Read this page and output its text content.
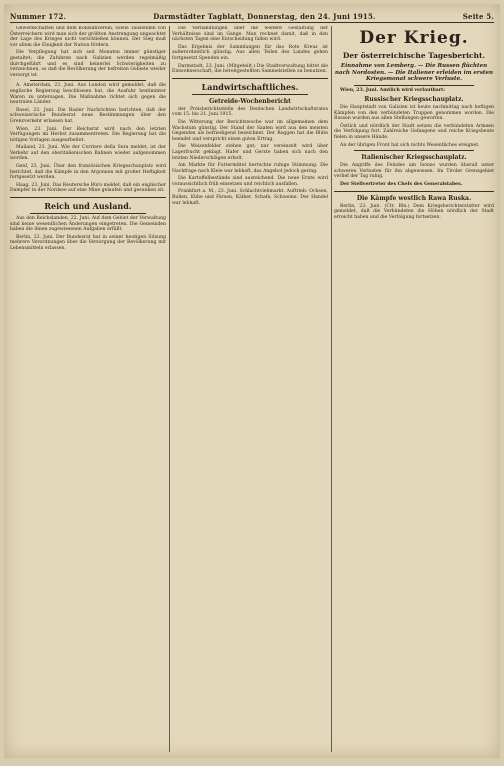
Nummer 172.	Darmstädter Tagblatt, Donnerstag, den 24. Juni 1915.	Seite 5.

Gewerkschaften und dem Konsumverein, sowie Tausenden von Österreichern wird man sich der größten Anstrengung ungeachtet der Lage des Krieges nicht verschließen können. Der Sieg muß vor allem die Einigkeit der Nation fördern.

Die Verpflegung hat sich seit Monaten immer günstiger gestaltet; die Zufuhren nach Galizien werden regelmäßig durchgeführt und es sind keinerlei Schwierigkeiten zu verzeichnen, so daß die Bevölkerung der befreiten Gebiete wieder versorgt ist.

A. Amsterdam, 23. Juni. Aus London wird gemeldet, daß die englische Regierung beschlossen hat, die Ausfuhr bestimmter Waren zu untersagen. Die Maßnahme richtet sich gegen die neutralen Länder.

Basel, 23. Juni. Die Basler Nachrichten berichten, daß der schweizerische Bundesrat neue Bestimmungen über den Grenzverkehr erlassen hat.

Wien, 23. Juni. Der Reichsrat wird nach den letzten Verfügungen im Herbst zusammentreten. Die Regierung hat die nötigen Vorlagen ausgearbeitet.

Mailand, 23. Juni. Wie der Corriere della Sera meldet, ist der Verkehr auf den oberitalienischen Bahnen wieder aufgenommen worden.

Genf, 23. Juni. Über den französischen Kriegsschauplatz wird berichtet, daß die Kämpfe in den Argonnen mit großer Heftigkeit fortgesetzt werden.

Haag, 23. Juni. Das Reutersche Büro meldet, daß ein englischer Dampfer in der Nordsee auf eine Mine gelaufen und gesunken ist.

Reich und Ausland.

Aus den Reichslanden, 22. Juni. Auf dem Gebiet der Verwaltung sind keine wesentlichen Änderungen eingetreten. Die Gemeinden haben die ihnen zugewiesenen Aufgaben erfüllt.

Berlin, 23. Juni. Der Bundesrat hat in seiner heutigen Sitzung mehrere Verordnungen über die Versorgung der Bevölkerung mit Lebensmitteln erlassen.

Die Verhandlungen über die weitere Gestaltung der Verhältnisse sind im Gange. Man rechnet damit, daß in den nächsten Tagen eine Entscheidung fallen wird.

Das Ergebnis der Sammlungen für das Rote Kreuz ist außerordentlich günstig. Aus allen Teilen des Landes gehen fortgesetzt Spenden ein.

Darmstadt, 23. Juni. (Mitgeteilt.) Die Stadtverwaltung bittet die Einwohnerschaft, die bereitgestellten Sammelstellen zu benutzen.

Landwirtschaftliches.
Getreide-Wochenbericht

der Preisberichtsstelle des Deutschen Landwirtschaftsrates vom 15. bis 21. Juni 1915.

Die Witterung der Berichtswoche war im allgemeinen dem Wachstum günstig. Der Stand der Saaten wird aus den meisten Gegenden als befriedigend bezeichnet. Der Roggen hat die Blüte beendet und verspricht einen guten Ertrag.

Die Weizenfelder stehen gut; nur vereinzelt wird über Lagerfrucht geklagt. Hafer und Gerste haben sich nach den letzten Niederschlägen erholt.

Am Markte für Futtermittel herrschte ruhige Stimmung. Die Nachfrage nach Kleie war lebhaft, das Angebot jedoch gering.

Die Kartoffelbestände sind ausreichend. Die neue Ernte wird voraussichtlich früh einsetzen und reichlich ausfallen.

Frankfurt a. M., 23. Juni. Schlachtviehmarkt. Auftrieb: Ochsen, Bullen, Kühe und Färsen, Kälber, Schafe, Schweine. Der Handel war lebhaft.

Der Krieg.
Der österreichische Tagesbericht.
Einnahme von Lemberg. — Die Russen flüchten nach Nordosten. — Die Italiener erleiden im ersten Kriegsmonat schwere Verluste.

Wien, 23. Juni. Amtlich wird verlautbart:

Russischer Kriegsschauplatz.

Die Hauptstadt von Galizien ist heute nachmittag nach heftigen Kämpfen von den verbündeten Truppen genommen worden. Die Russen wurden aus allen Stellungen geworfen.

Östlich und nördlich der Stadt setzen die verbündeten Armeen die Verfolgung fort. Zahlreiche Gefangene und reiche Kriegsbeute fielen in unsere Hände.

An der übrigen Front hat sich nichts Wesentliches ereignet.

Italienischer Kriegsschauplatz.

Die Angriffe des Feindes am Isonzo wurden überall unter schweren Verlusten für ihn abgewiesen. Im Tiroler Grenzgebiet verlief der Tag ruhig.

Der Stellvertreter des Chefs des Generalstabes.

Die Kämpfe westlich Rawa Ruska.

Berlin, 23. Juni. (Ctr. Bln.) Dem Kriegsberichterstatter wird gemeldet, daß die Verbündeten die Höhen nördlich der Stadt erreicht haben und die Verfolgung fortsetzen.
